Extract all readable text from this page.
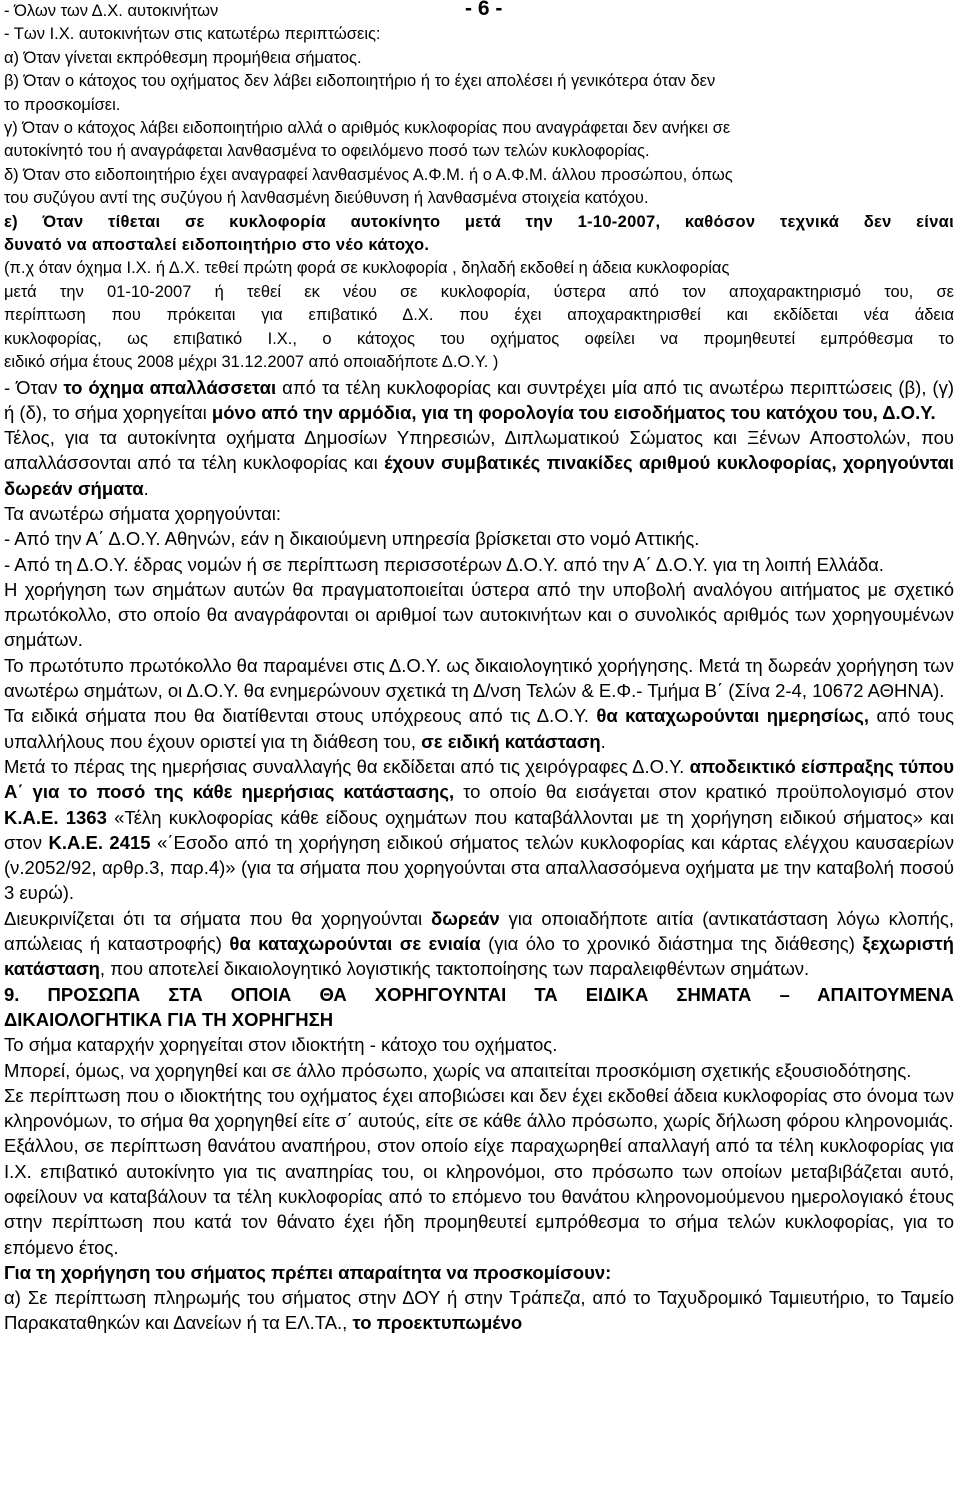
- 6 -
- Όλων των Δ.Χ. αυτοκινήτων
- Των Ι.Χ. αυτοκινήτων στις κατωτέρω περιπτώσεις:
α) Όταν γίνεται εκπρόθεσμη προμήθεια σήματος.
β) Όταν ο κάτοχος του οχήματος δεν λάβει ειδοποιητήριο ή το έχει απολέσει ή γενικότερα όταν δεν
το προσκομίσει.
γ) Όταν ο κάτοχος λάβει ειδοποιητήριο αλλά ο αριθμός κυκλοφορίας που αναγράφεται δεν ανήκει σε
αυτοκίνητό του ή αναγράφεται λανθασμένα το οφειλόμενο ποσό των τελών κυκλοφορίας.
δ) Όταν στο ειδοποιητήριο έχει αναγραφεί λανθασμένος Α.Φ.Μ. ή ο Α.Φ.Μ. άλλου προσώπου, όπως
του συζύγου αντί της συζύγου ή λανθασμένη διεύθυνση ή λανθασμένα στοιχεία κατόχου.
ε) Όταν τίθεται σε κυκλοφορία αυτοκίνητο μετά την 1-10-2007, καθόσον τεχνικά δεν είναι
δυνατό να αποσταλεί ειδοποιητήριο στο νέο κάτοχο.
(π.χ όταν όχημα Ι.Χ. ή Δ.Χ. τεθεί πρώτη φορά σε κυκλοφορία , δηλαδή εκδοθεί η άδεια κυκλοφορίας
μετά την 01-10-2007 ή τεθεί εκ νέου σε κυκλοφορία, ύστερα από τον αποχαρακτηρισμό του, σε
περίπτωση που πρόκειται για επιβατικό Δ.Χ. που έχει αποχαρακτηρισθεί και εκδίδεται νέα άδεια
κυκλοφορίας, ως επιβατικό Ι.Χ., ο κάτοχος του οχήματος οφείλει να προμηθευτεί εμπρόθεσμα το
ειδικό σήμα έτους 2008 μέχρι 31.12.2007 από οποιαδήποτε Δ.Ο.Υ. )

- Όταν το όχημα απαλλάσσεται από τα τέλη κυκλοφορίας και συντρέχει μία από τις ανωτέρω περιπτώσεις (β), (γ) ή (δ), το σήμα χορηγείται μόνο από την αρμόδια, για τη φορολογία του εισοδήματος του κατόχου του, Δ.Ο.Υ.

Τέλος, για τα αυτοκίνητα οχήματα Δημοσίων Υπηρεσιών, Διπλωματικού Σώματος και Ξένων Αποστολών, που απαλλάσσονται από τα τέλη κυκλοφορίας και έχουν συμβατικές πινακίδες αριθμού κυκλοφορίας, χορηγούνται δωρεάν σήματα.

Τα ανωτέρω σήματα χορηγούνται:

- Από την Α΄ Δ.Ο.Υ. Αθηνών, εάν η δικαιούμενη υπηρεσία βρίσκεται στο νομό Αττικής.

- Από τη Δ.Ο.Υ. έδρας νομών ή σε περίπτωση περισσοτέρων Δ.Ο.Υ. από την Α΄ Δ.Ο.Υ. για τη λοιπή Ελλάδα.

Η χορήγηση των σημάτων αυτών θα πραγματοποιείται ύστερα από την υποβολή αναλόγου αιτήματος με σχετικό πρωτόκολλο, στο οποίο θα αναγράφονται οι αριθμοί των αυτοκινήτων και ο συνολικός αριθμός των χορηγουμένων σημάτων.

Το πρωτότυπο πρωτόκολλο θα παραμένει στις Δ.Ο.Υ. ως δικαιολογητικό χορήγησης. Μετά τη δωρεάν χορήγηση των ανωτέρω σημάτων, οι Δ.Ο.Υ. θα ενημερώνουν σχετικά τη Δ/νση Τελών & Ε.Φ.- Τμήμα Β΄ (Σίνα 2-4, 10672 ΑΘΗΝΑ).

Τα ειδικά σήματα που θα διατίθενται στους υπόχρεους από τις Δ.Ο.Υ. θα καταχωρούνται ημερησίως, από τους υπαλλήλους που έχουν οριστεί για τη διάθεση του, σε ειδική κατάσταση.

Μετά το πέρας της ημερήσιας συναλλαγής θα εκδίδεται από τις χειρόγραφες Δ.Ο.Υ. αποδεικτικό είσπραξης τύπου Α΄ για το ποσό της κάθε ημερήσιας κατάστασης, το οποίο θα εισάγεται στον κρατικό προϋπολογισμό στον Κ.Α.Ε. 1363 «Τέλη κυκλοφορίας κάθε είδους οχημάτων που καταβάλλονται με τη χορήγηση ειδικού σήματος» και στον Κ.Α.Ε. 2415 «΄Εσοδο από τη χορήγηση ειδικού σήματος τελών κυκλοφορίας και κάρτας ελέγχου καυσαερίων (ν.2052/92, αρθρ.3, παρ.4)» (για τα σήματα που χορηγούνται στα απαλλασσόμενα οχήματα με την καταβολή ποσού 3 ευρώ).

Διευκρινίζεται ότι τα σήματα που θα χορηγούνται δωρεάν για οποιαδήποτε αιτία (αντικατάσταση λόγω κλοπής, απώλειας ή καταστροφής) θα καταχωρούνται σε ενιαία (για όλο το χρονικό διάστημα της διάθεσης) ξεχωριστή κατάσταση, που αποτελεί δικαιολογητικό λογιστικής τακτοποίησης των παραλειφθέντων σημάτων.

9. ΠΡΟΣΩΠΑ ΣΤΑ ΟΠΟΙΑ ΘΑ ΧΟΡΗΓΟΥΝΤΑΙ ΤΑ ΕΙΔΙΚΑ ΣΗΜΑΤΑ – ΑΠΑΙΤΟΥΜΕΝΑ
ΔΙΚΑΙΟΛΟΓΗΤΙΚΑ ΓΙΑ ΤΗ ΧΟΡΗΓΗΣΗ

Το σήμα καταρχήν χορηγείται στον ιδιοκτήτη - κάτοχο του οχήματος.

Μπορεί, όμως, να χορηγηθεί και σε άλλο πρόσωπο, χωρίς να απαιτείται προσκόμιση σχετικής εξουσιοδότησης.

Σε περίπτωση που ο ιδιοκτήτης του οχήματος έχει αποβιώσει και δεν έχει εκδοθεί άδεια κυκλοφορίας στο όνομα των κληρονόμων, το σήμα θα χορηγηθεί είτε σ΄ αυτούς, είτε σε κάθε άλλο πρόσωπο, χωρίς δήλωση φόρου κληρονομιάς.

Εξάλλου, σε περίπτωση θανάτου αναπήρου, στον οποίο είχε παραχωρηθεί απαλλαγή από τα τέλη κυκλοφορίας για Ι.Χ. επιβατικό αυτοκίνητο για τις αναπηρίας του, οι κληρονόμοι, στο πρόσωπο των οποίων μεταβιβάζεται αυτό, οφείλουν να καταβάλουν τα τέλη κυκλοφορίας από το επόμενο του θανάτου κληρονομούμενου ημερολογιακό έτους στην περίπτωση που κατά τον θάνατο έχει ήδη προμηθευτεί εμπρόθεσμα το σήμα τελών κυκλοφορίας, για το επόμενο έτος.

Για τη χορήγηση του σήματος πρέπει απαραίτητα να προσκομίσουν:

α) Σε περίπτωση πληρωμής του σήματος στην ΔΟΥ ή στην Τράπεζα, από το Ταχυδρομικό Ταμιευτήριο, το Ταμείο Παρακαταθηκών και Δανείων ή τα ΕΛ.ΤΑ., το προεκτυπωμένο
